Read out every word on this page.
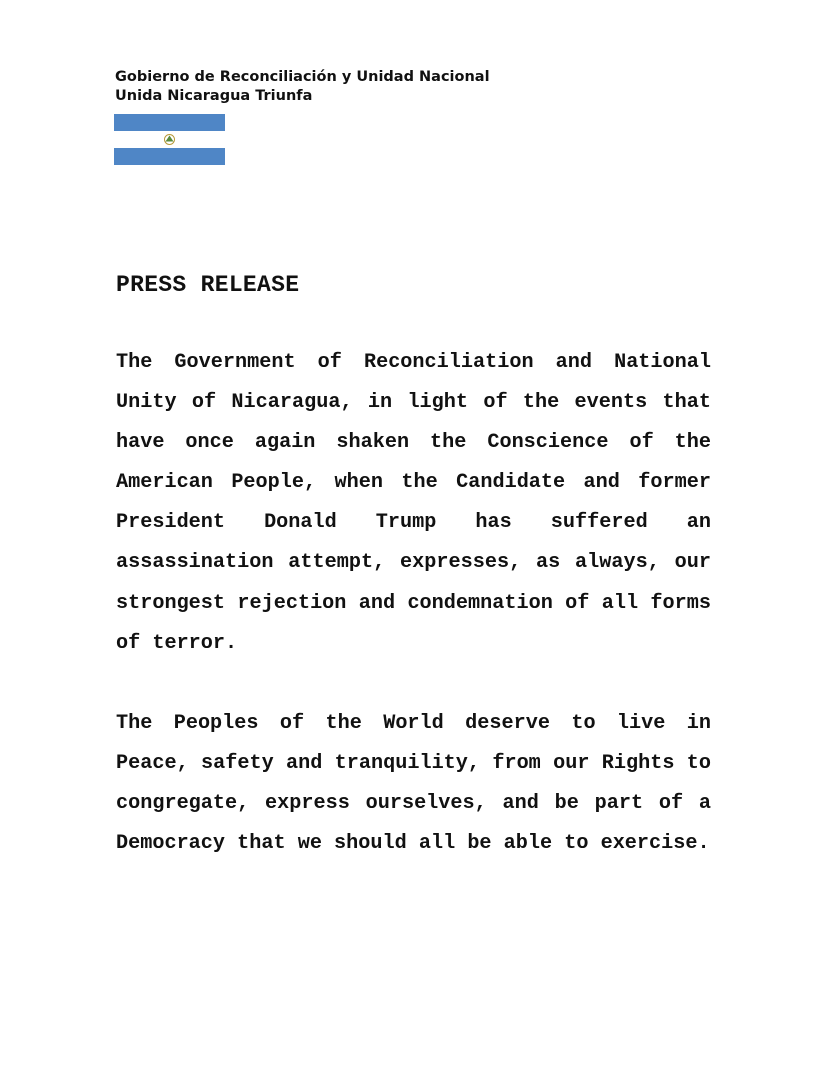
Gobierno de Reconciliación y Unidad Nacional
Unida Nicaragua Triunfa
PRESS RELEASE

The Government of Reconciliation and National Unity of Nicaragua, in light of the events that have once again shaken the Conscience of the American People, when the Candidate and former President Donald Trump has suffered an assassination attempt, expresses, as always, our strongest rejection and condemnation of all forms of terror.

The Peoples of the World deserve to live in Peace, safety and tranquility, from our Rights to congregate, express ourselves, and be part of a Democracy that we should all be able to exercise.
